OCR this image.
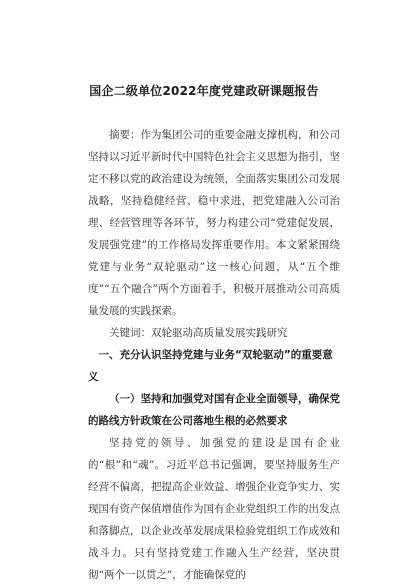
国企二级单位2022年度党建政研课题报告

摘要：作为集团公司的重要金融支撑机构，和公司坚持以习近平新时代中国特色社会主义思想为指引，坚定不移以党的政治建设为统领，全面落实集团公司发展战略，坚持稳健经营、稳中求进，把党建融入公司治理、经营管理等各环节，努力构建公司“党建促发展，发展强党建”的工作格局发挥重要作用。本文紧紧围绕党建与业务“双轮驱动”这一核心问题，从“五个维度”“五个融合”两个方面着手，积极开展推动公司高质量发展的实践探索。

关键词：双轮驱动高质量发展实践研究

一、充分认识坚持党建与业务“双轮驱动”的重要意义
（一）坚持和加强党对国有企业全面领导，确保党的路线方针政策在公司落地生根的必然要求

坚持党的领导、加强党的建设是国有企业的“根”和“魂”。习近平总书记强调，要坚持服务生产经营不偏离，把提高企业效益、增强企业竞争实力、实现国有资产保值增值作为国有企业党组织工作的出发点和落脚点，以企业改革发展成果检验党组织工作成效和战斗力。只有坚持党建工作融入生产经营，坚决贯彻“两个一以贯之”，才能确保党的
